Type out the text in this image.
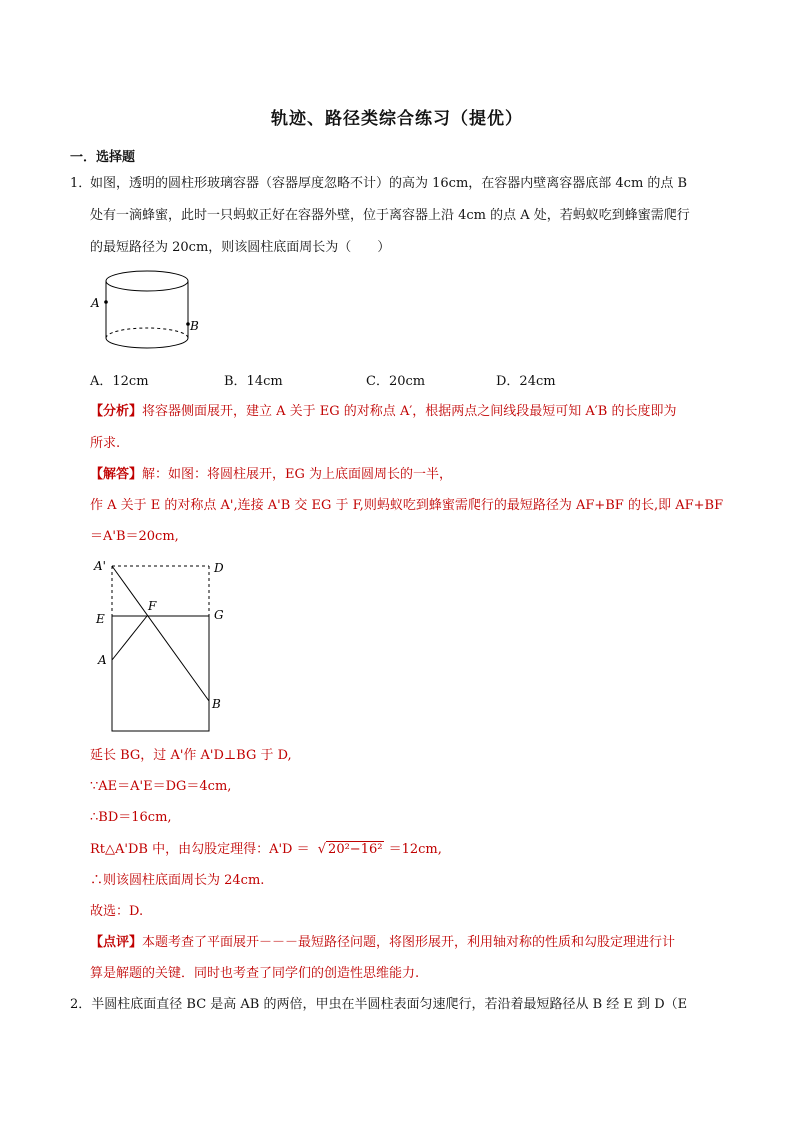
轨迹、路径类综合练习（提优）
一．选择题
1．
如图，透明的圆柱形玻璃容器（容器厚度忽略不计）的高为 16cm，在容器内壁离容器底部 4cm 的点 B
处有一滴蜂蜜，此时一只蚂蚁正好在容器外壁，位于离容器上沿 4cm 的点 A 处，若蚂蚁吃到蜂蜜需爬行
的最短路径为 20cm，则该圆柱底面周长为（　　）
A
B
A．12cm	B．14cm	C．20cm	D．24cm
【分析】将容器侧面展开，建立 A 关于 EG 的对称点 A′，根据两点之间线段最短可知 A′B 的长度即为
所求.
【解答】解：如图：将圆柱展开，EG 为上底面圆周长的一半，
作 A 关于 E 的对称点 A',连接 A'B 交 EG 于 F,则蚂蚁吃到蜂蜜需爬行的最短路径为 AF+BF 的长,即 AF+BF
＝A'B＝20cm,
A'	D
E
F
G
A
B
延长 BG，过 A'作 A'D⊥BG 于 D,
∵AE＝A'E＝DG＝4cm,
∴BD＝16cm,
Rt△A'DB 中，由勾股定理得：A'D ＝ √ 20²−16² ＝12cm,
∴则该圆柱底面周长为 24cm.
故选：D.
【点评】本题考查了平面展开－－－最短路径问题，将图形展开，利用轴对称的性质和勾股定理进行计
算是解题的关键．同时也考查了同学们的创造性思维能力.
2．半圆柱底面直径 BC 是高 AB 的两倍，甲虫在半圆柱表面匀速爬行，若沿着最短路径从 B 经 E 到 D（E
